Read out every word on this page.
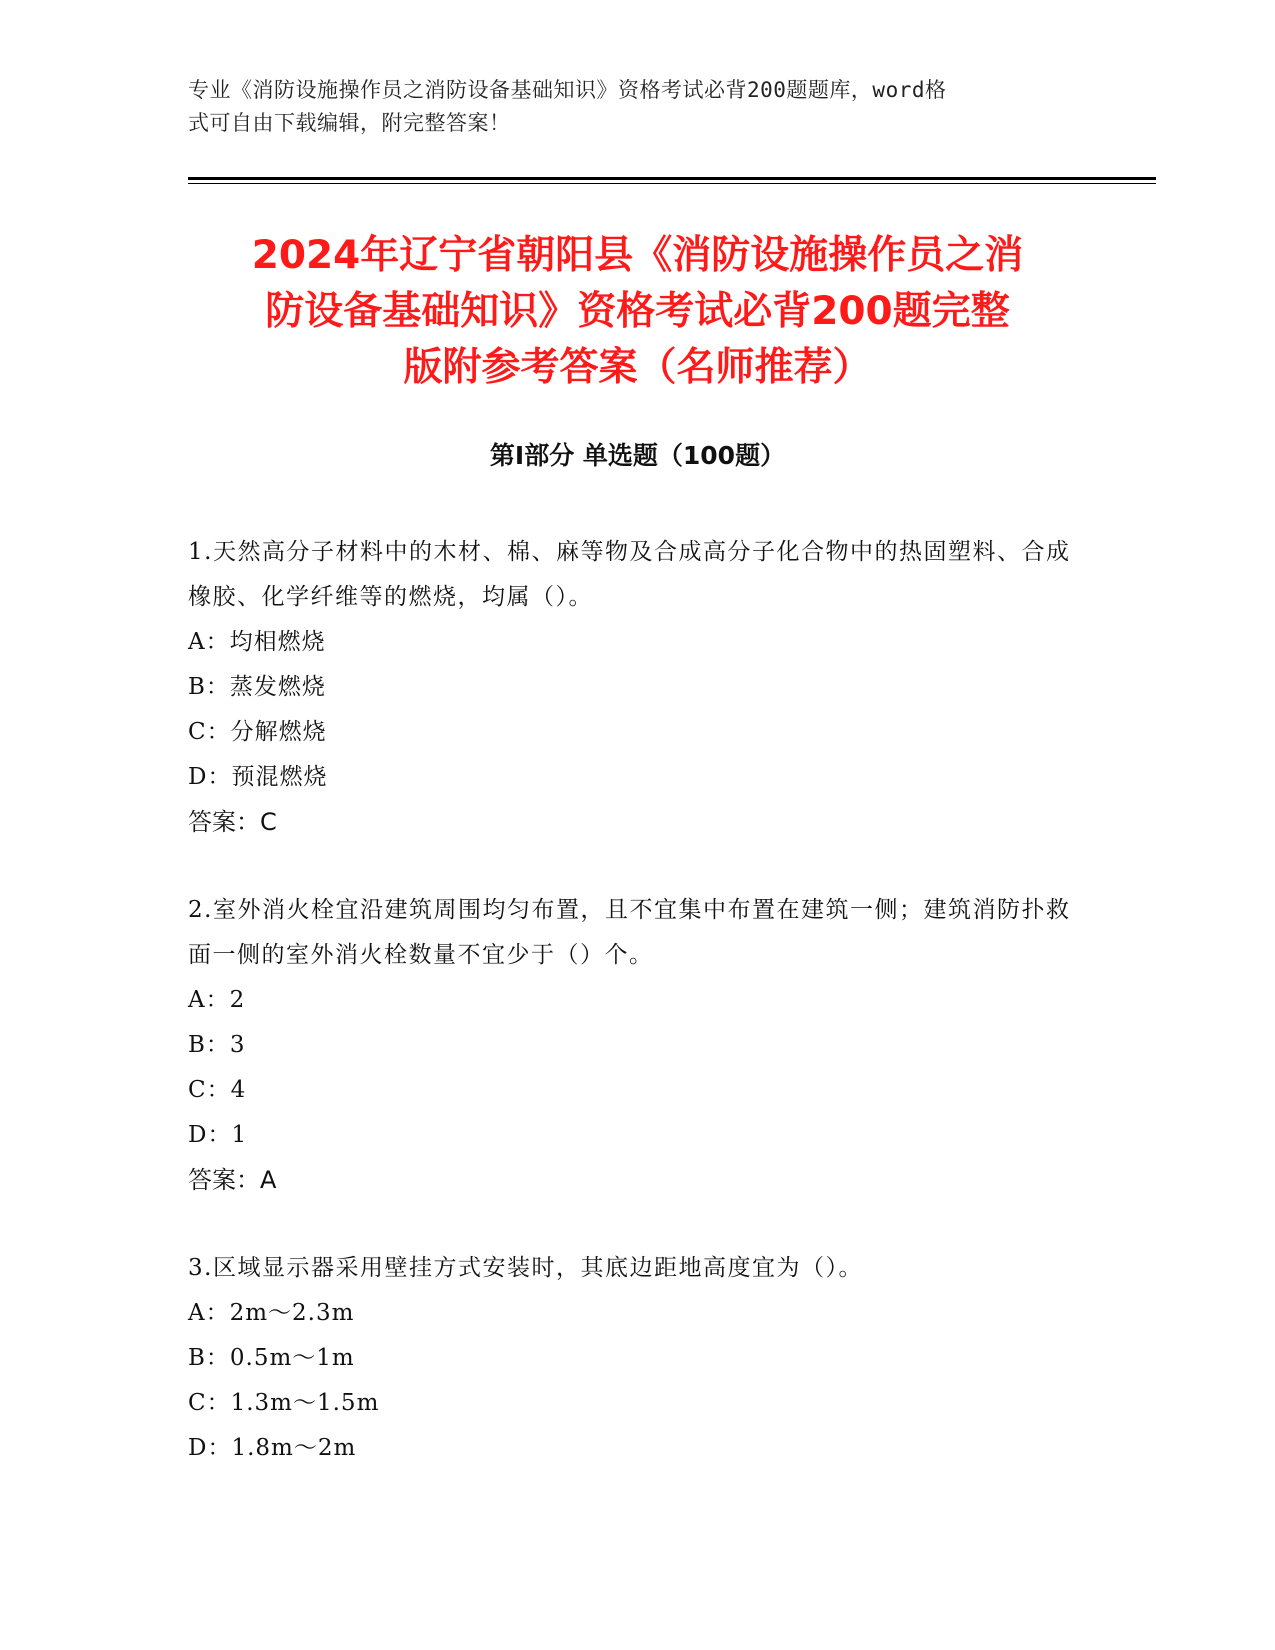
专业《消防设施操作员之消防设备基础知识》资格考试必背200题题库，word格
式可自由下载编辑，附完整答案！
2024年辽宁省朝阳县《消防设施操作员之消
防设备基础知识》资格考试必背200题完整
版附参考答案（名师推荐）
第Ⅰ部分 单选题（100题）
1.天然高分子材料中的木材、棉、麻等物及合成高分子化合物中的热固塑料、合成橡胶、化学纤维等的燃烧，均属（）。
A：均相燃烧
B：蒸发燃烧
C：分解燃烧
D：预混燃烧
答案：C
2.室外消火栓宜沿建筑周围均匀布置，且不宜集中布置在建筑一侧；建筑消防扑救面一侧的室外消火栓数量不宜少于（）个。
A：2
B：3
C：4
D：1
答案：A
3.区域显示器采用壁挂方式安装时，其底边距地高度宜为（）。
A：2m～2.3m
B：0.5m～1m
C：1.3m～1.5m
D：1.8m～2m
